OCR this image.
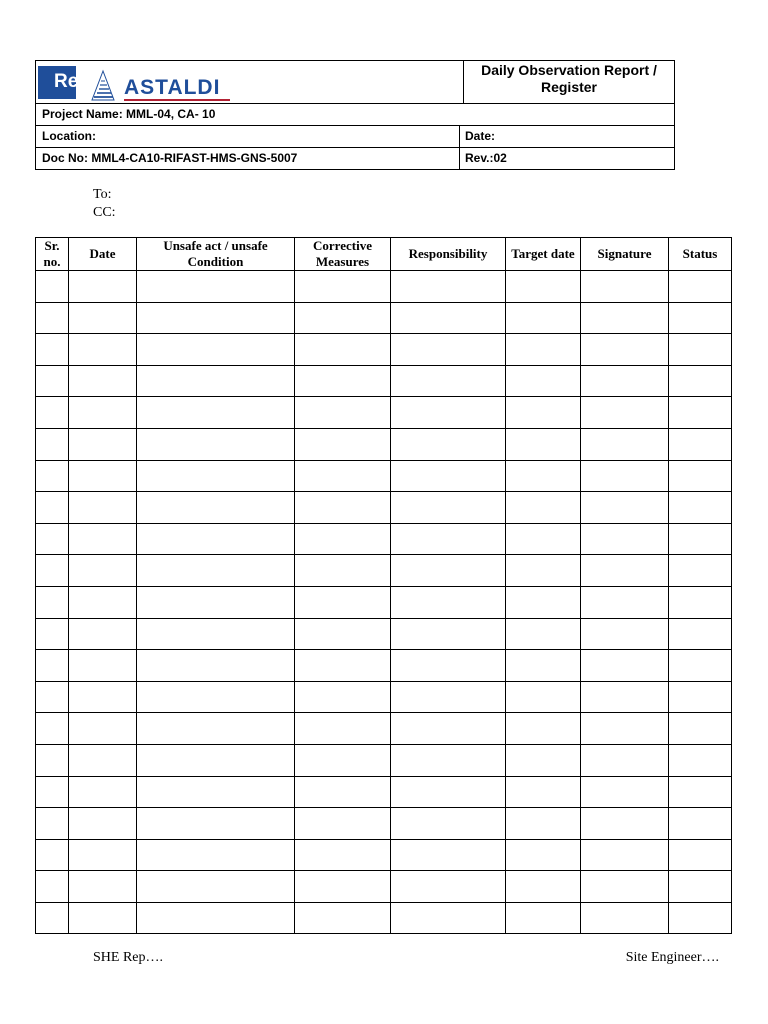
Re ASTALDI
Daily Observation Report / Register
Project Name: MML-04, CA- 10
Location:	Date:
Doc No: MML4-CA10-RIFAST-HMS-GNS-5007	Rev.:02
To:
CC:
Sr. no.	Date	Unsafe act / unsafe Condition	Corrective Measures	Responsibility	Target date	Signature	Status

SHE Rep….	Site Engineer….
